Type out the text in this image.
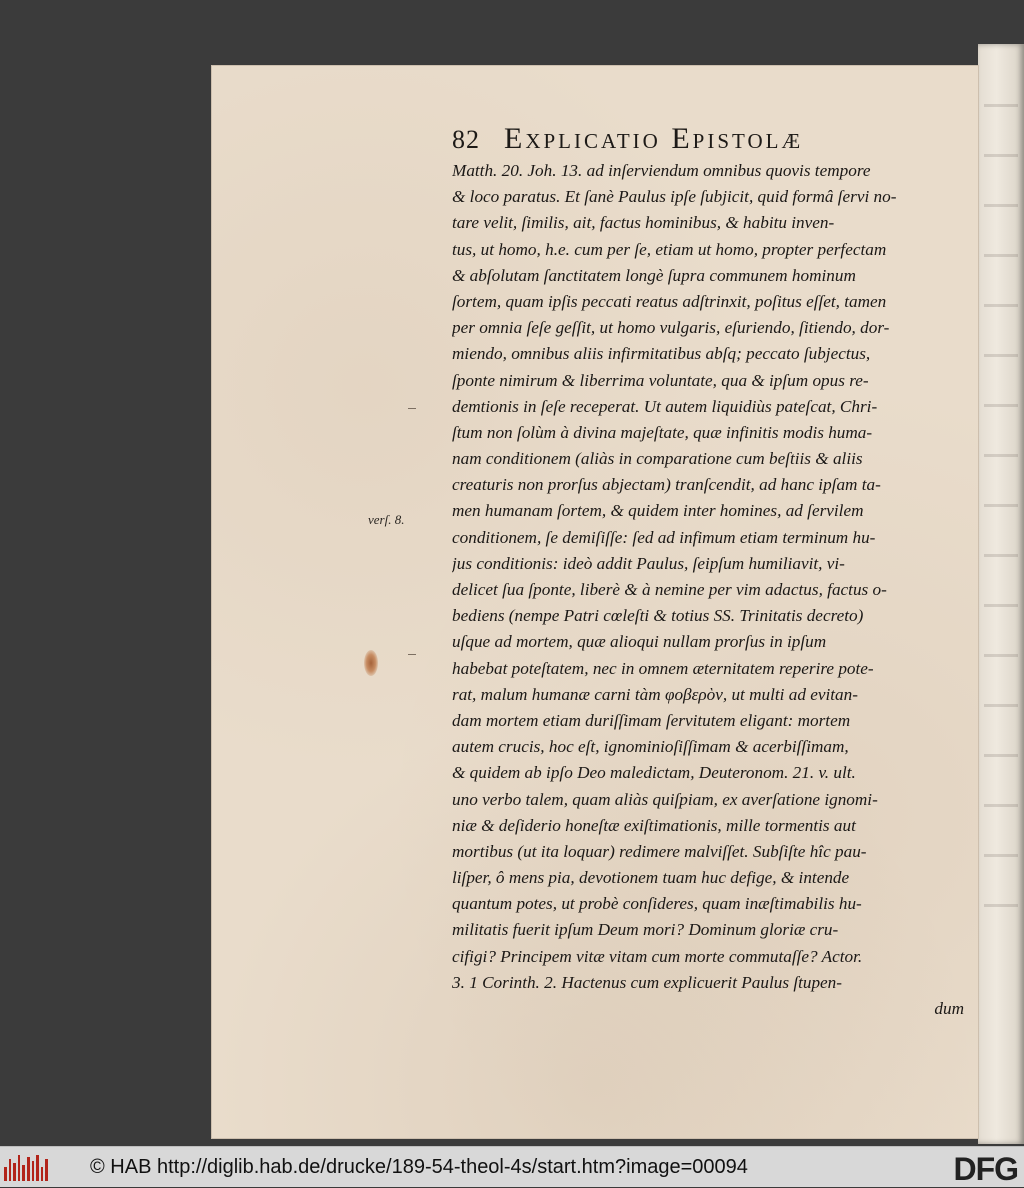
82 Explicatio Epistolæ
verſ. 8.
Matth. 20. Joh. 13. ad inſerviendum omnibus quovis tempore
& loco paratus. Et ſanè Paulus ipſe ſubjicit, quid formâ ſervi no-
tare velit, ſimilis, ait, factus hominibus, & habitu inven-
tus, ut homo, h.e. cum per ſe, etiam ut homo, propter perfectam
& abſolutam ſanctitatem longè ſupra communem hominum
ſortem, quam ipſis peccati reatus adſtrinxit, poſitus eſſet, tamen
per omnia ſeſe geſſit, ut homo vulgaris, eſuriendo, ſitiendo, dor-
miendo, omnibus aliis infirmitatibus abſq; peccato ſubjectus,
ſponte nimirum & liberrima voluntate, qua & ipſum opus re-
demtionis in ſeſe receperat. Ut autem liquidiùs pateſcat, Chri-
ſtum non ſolùm à divina majeſtate, quæ infinitis modis huma-
nam conditionem (aliàs in comparatione cum beſtiis & aliis
creaturis non prorſus abjectam) tranſcendit, ad hanc ipſam ta-
men humanam ſortem, & quidem inter homines, ad ſervilem
conditionem, ſe demiſiſſe: ſed ad infimum etiam terminum hu-
jus conditionis: ideò addit Paulus, ſeipſum humiliavit, vi-
delicet ſua ſponte, liberè & à nemine per vim adactus, factus o-
bediens (nempe Patri cœleſti & totius SS. Trinitatis decreto)
uſque ad mortem, quæ alioqui nullam prorſus in ipſum
habebat poteſtatem, nec in omnem æternitatem reperire pote-
rat, malum humanæ carni tàm φοβερὸν, ut multi ad evitan-
dam mortem etiam duriſſimam ſervitutem eligant: mortem
autem crucis, hoc eſt, ignominioſiſſimam & acerbiſſimam,
& quidem ab ipſo Deo maledictam, Deuteronom. 21. v. ult.
uno verbo talem, quam aliàs quiſpiam, ex averſatione ignomi-
niæ & deſiderio honeſtæ exiſtimationis, mille tormentis aut
mortibus (ut ita loquar) redimere malviſſet. Subſiſte hîc pau-
liſper, ô mens pia, devotionem tuam huc defige, & intende
quantum potes, ut probè conſideres, quam inæſtimabilis hu-
militatis fuerit ipſum Deum mori? Dominum gloriæ cru-
cifigi? Principem vitæ vitam cum morte commutaſſe? Actor.
3. 1 Corinth. 2. Hactenus cum explicuerit Paulus ſtupen-
dum
© HAB http://diglib.hab.de/drucke/189-54-theol-4s/start.htm?image=00094	DFG
